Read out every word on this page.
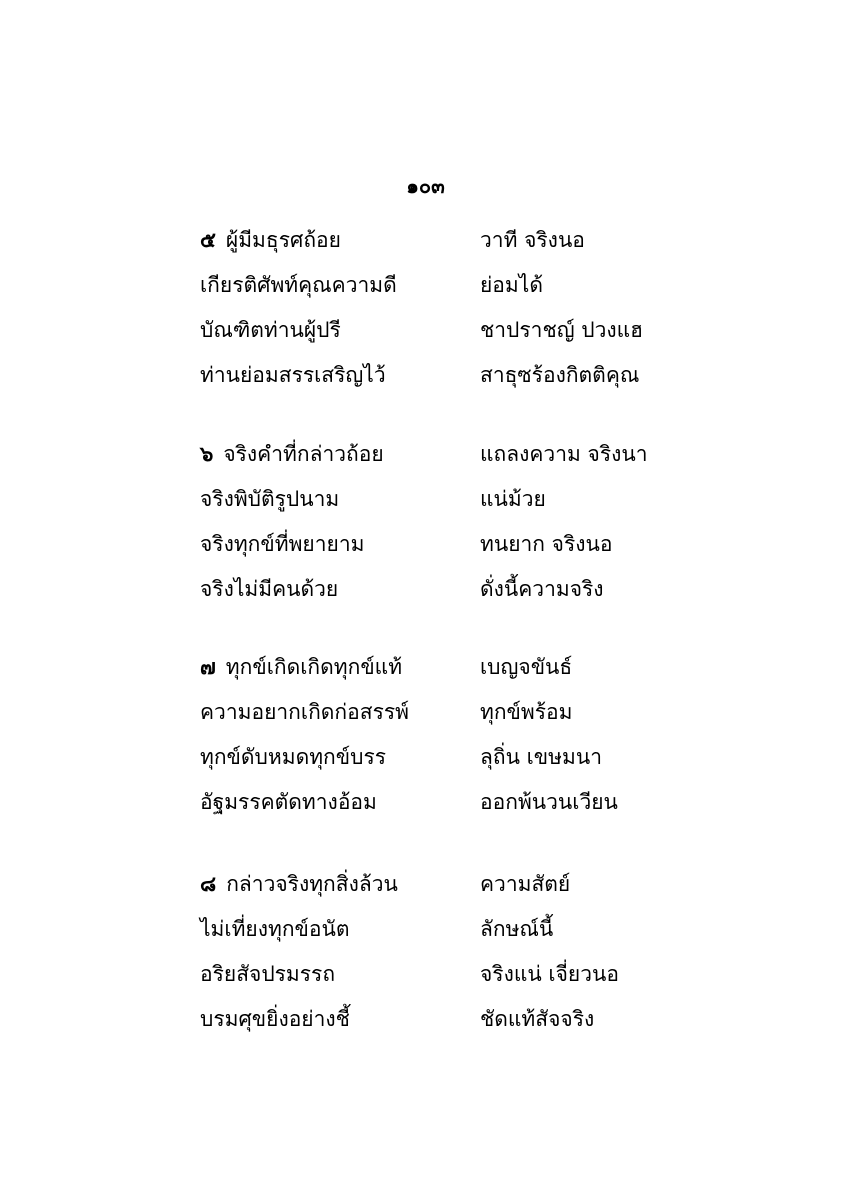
๑๐๓
๕ ผู้มีมธุรศถ้อย	วาที จริงนอ
เกียรติศัพท์คุณความดี	ย่อมได้
บัณฑิตท่านผู้ปรี	ชาปราชญ์ ปวงแฮ
ท่านย่อมสรรเสริญไว้	สาธุซร้องกิตติคุณ
๖ จริงคำที่กล่าวถ้อย	แถลงความ จริงนา
จริงพิบัติรูปนาม	แน่ม้วย
จริงทุกข์ที่พยายาม	ทนยาก จริงนอ
จริงไม่มีคนด้วย	ดั่งนี้ความจริง
๗ ทุกข์เกิดเกิดทุกข์แท้	เบญจขันธ์
ความอยากเกิดก่อสรรพ์	ทุกข์พร้อม
ทุกข์ดับหมดทุกข์บรร	ลุถิ่น เขษมนา
อัฐมรรคตัดทางอ้อม	ออกพ้นวนเวียน
๘ กล่าวจริงทุกสิ่งล้วน	ความสัตย์
ไม่เที่ยงทุกข์อนัต	ลักษณ์นี้
อริยสัจปรมรรถ	จริงแน่ เจี่ยวนอ
บรมศุขยิ่งอย่างชี้	ชัดแท้สัจจริง
